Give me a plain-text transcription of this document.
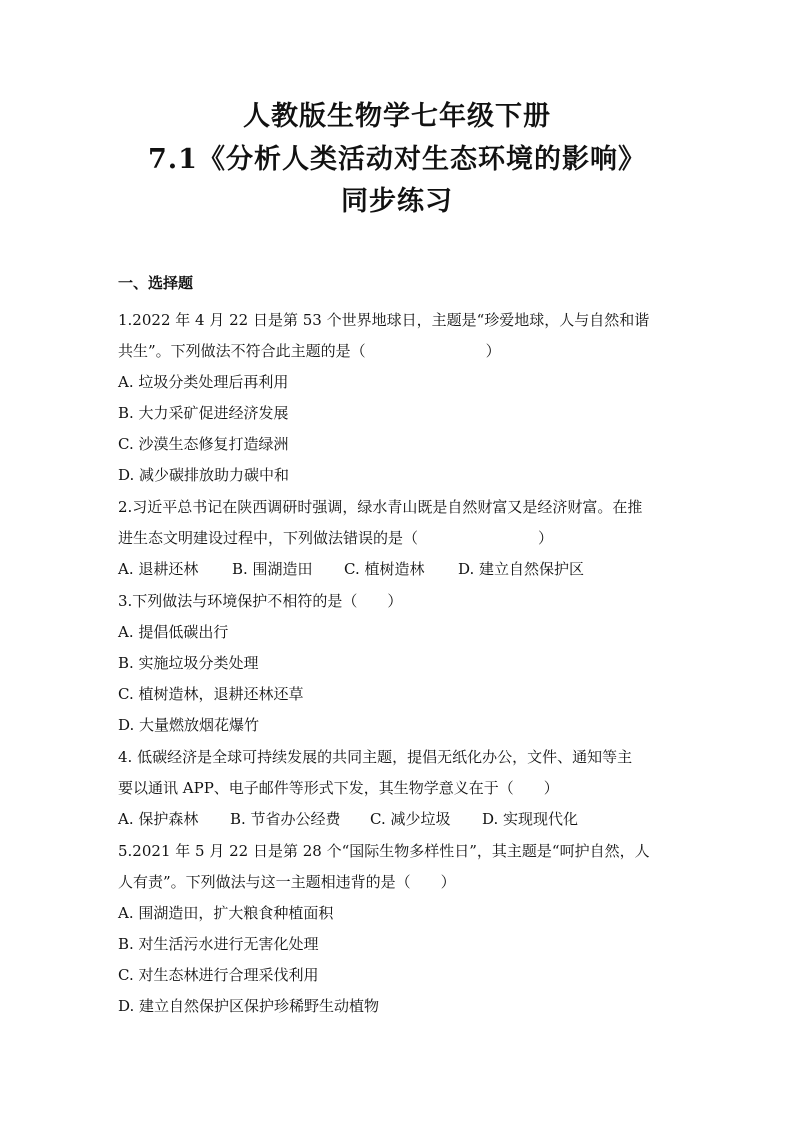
人教版生物学七年级下册
7.1《分析人类活动对生态环境的影响》
同步练习
一、选择题
1.2022 年 4 月 22 日是第 53 个世界地球日，主题是“珍爱地球，人与自然和谐
共生”。下列做法不符合此主题的是（　　　　　　　　）
A. 垃圾分类处理后再利用
B. 大力采矿促进经济发展
C. 沙漠生态修复打造绿洲
D. 减少碳排放助力碳中和
2.习近平总书记在陕西调研时强调，绿水青山既是自然财富又是经济财富。在推
进生态文明建设过程中，下列做法错误的是（　　　　　　　　）
A. 退耕还林 B. 围湖造田 C. 植树造林 D. 建立自然保护区
3.下列做法与环境保护不相符的是（　　）
A. 提倡低碳出行
B. 实施垃圾分类处理
C. 植树造林，退耕还林还草
D. 大量燃放烟花爆竹
4. 低碳经济是全球可持续发展的共同主题，提倡无纸化办公，文件、通知等主
要以通讯 APP、电子邮件等形式下发，其生物学意义在于（　　）
A. 保护森林 B. 节省办公经费 C. 减少垃圾 D. 实现现代化
5.2021 年 5 月 22 日是第 28 个“国际生物多样性日”，其主题是“呵护自然，人
人有责”。下列做法与这一主题相违背的是（　　）
A. 围湖造田，扩大粮食种植面积
B. 对生活污水进行无害化处理
C. 对生态林进行合理采伐利用
D. 建立自然保护区保护珍稀野生动植物
